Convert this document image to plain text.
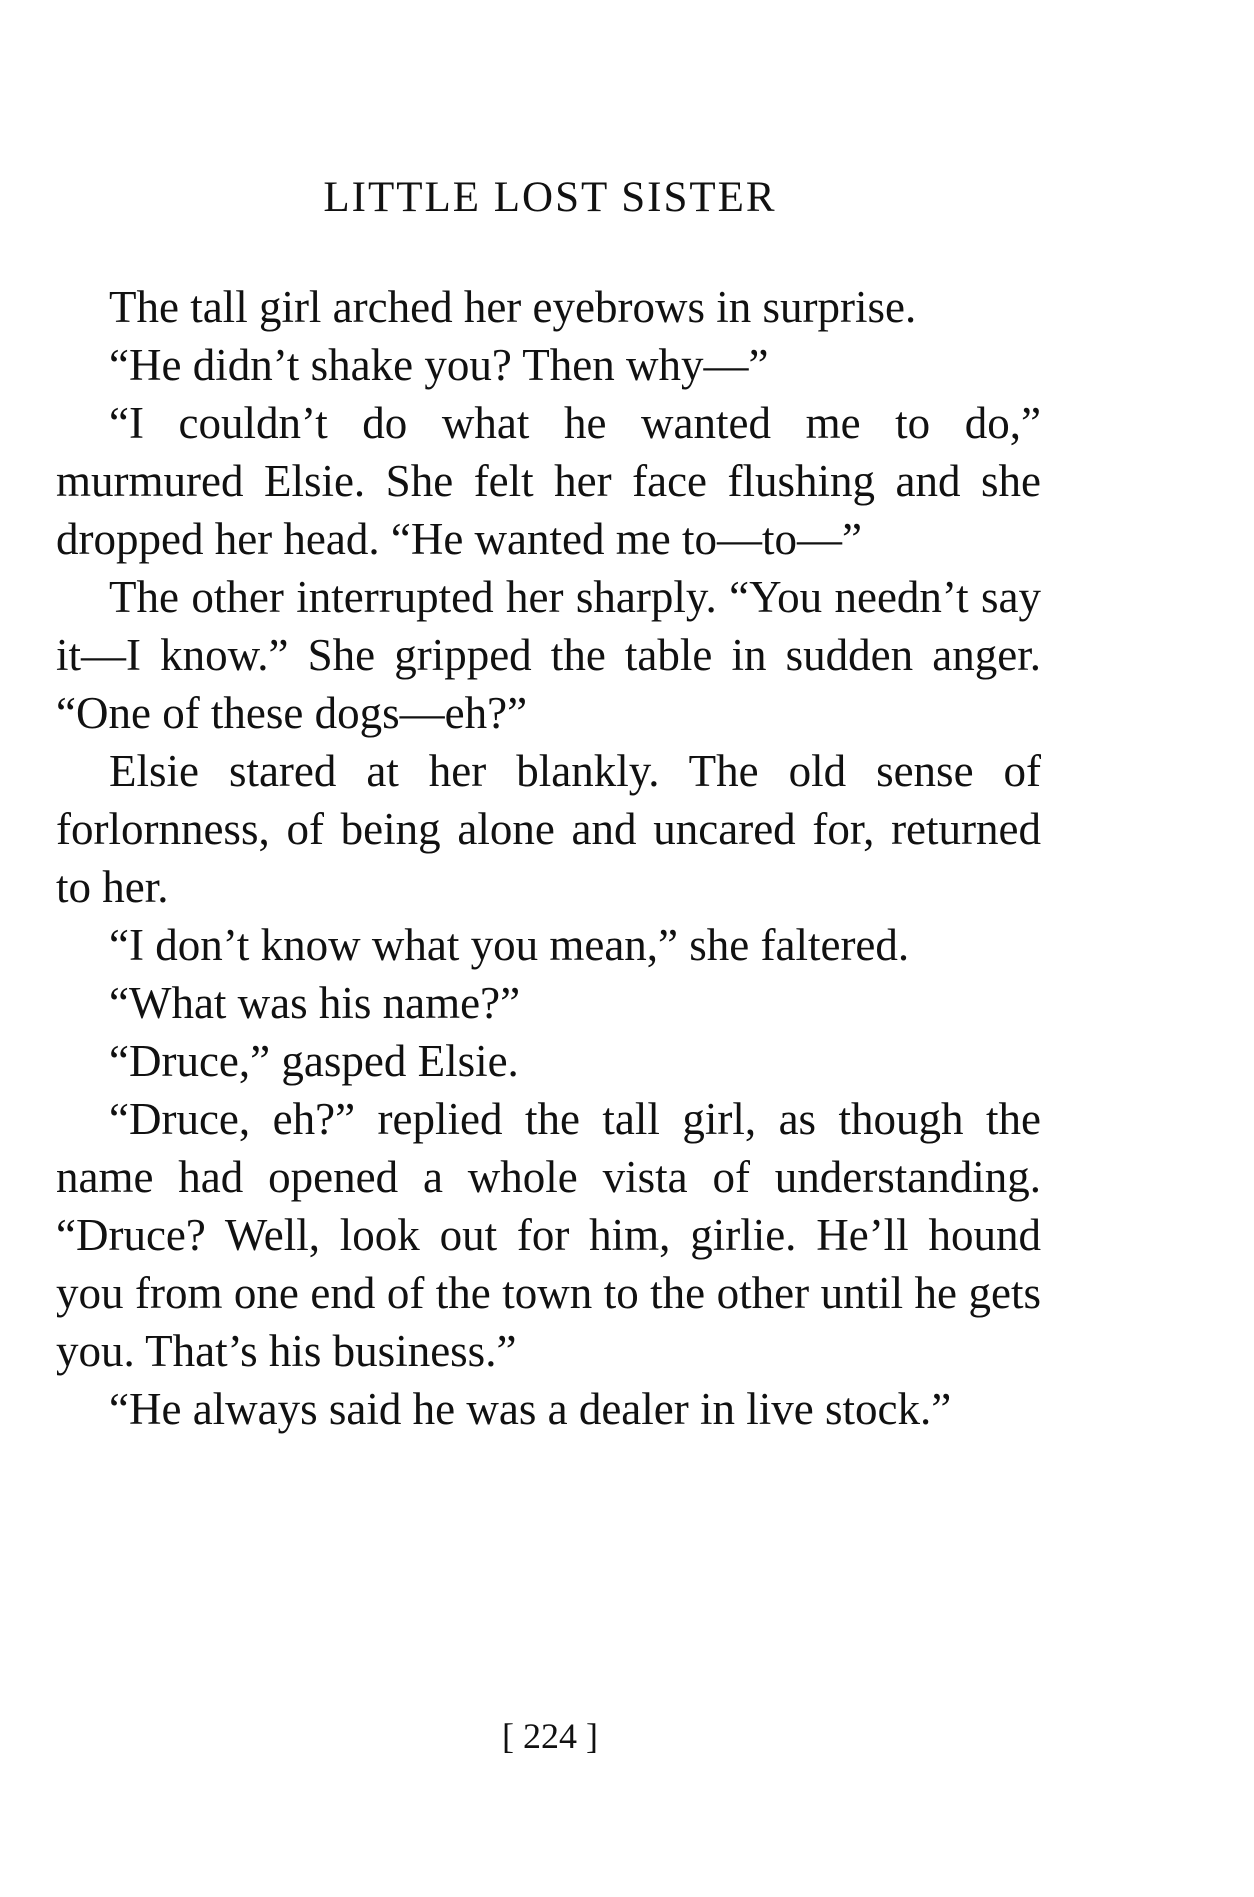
LITTLE LOST SISTER

The tall girl arched her eyebrows in surprise.

“He didn’t shake you? Then why—”

“I couldn’t do what he wanted me to do,” murmured Elsie. She felt her face flushing and she dropped her head. “He wanted me to—to—”

The other interrupted her sharply. “You needn’t say it—I know.” She gripped the table in sudden anger. “One of these dogs—eh?”

Elsie stared at her blankly. The old sense of forlornness, of being alone and uncared for, returned to her.

“I don’t know what you mean,” she faltered.

“What was his name?”

“Druce,” gasped Elsie.

“Druce, eh?” replied the tall girl, as though the name had opened a whole vista of understanding. “Druce? Well, look out for him, girlie. He’ll hound you from one end of the town to the other until he gets you. That’s his business.”

“He always said he was a dealer in live stock.”

[ 224 ]
